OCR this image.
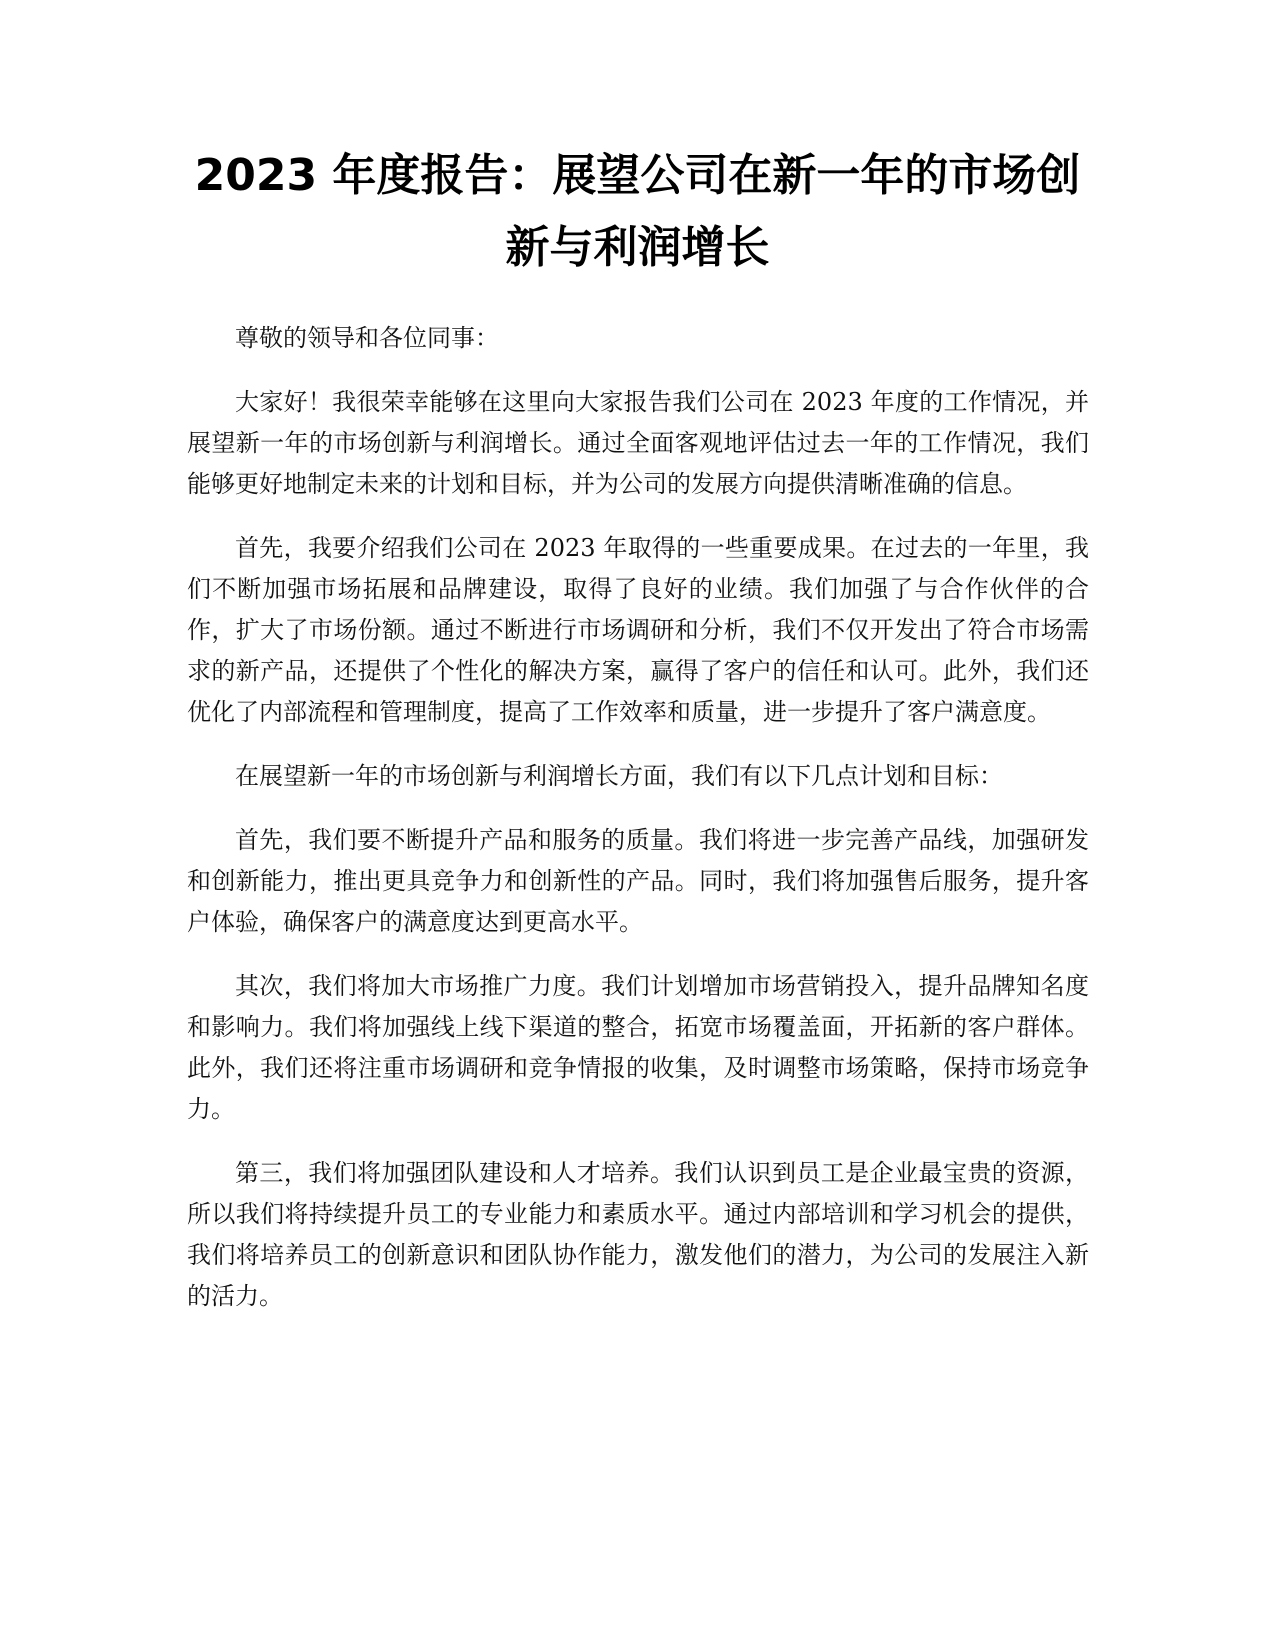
2023 年度报告：展望公司在新一年的市场创新与利润增长

尊敬的领导和各位同事：

大家好！我很荣幸能够在这里向大家报告我们公司在 2023 年度的工作情况，并展望新一年的市场创新与利润增长。通过全面客观地评估过去一年的工作情况，我们能够更好地制定未来的计划和目标，并为公司的发展方向提供清晰准确的信息。

首先，我要介绍我们公司在 2023 年取得的一些重要成果。在过去的一年里，我们不断加强市场拓展和品牌建设，取得了良好的业绩。我们加强了与合作伙伴的合作，扩大了市场份额。通过不断进行市场调研和分析，我们不仅开发出了符合市场需求的新产品，还提供了个性化的解决方案，赢得了客户的信任和认可。此外，我们还优化了内部流程和管理制度，提高了工作效率和质量，进一步提升了客户满意度。

在展望新一年的市场创新与利润增长方面，我们有以下几点计划和目标：

首先，我们要不断提升产品和服务的质量。我们将进一步完善产品线，加强研发和创新能力，推出更具竞争力和创新性的产品。同时，我们将加强售后服务，提升客户体验，确保客户的满意度达到更高水平。

其次，我们将加大市场推广力度。我们计划增加市场营销投入，提升品牌知名度和影响力。我们将加强线上线下渠道的整合，拓宽市场覆盖面，开拓新的客户群体。此外，我们还将注重市场调研和竞争情报的收集，及时调整市场策略，保持市场竞争力。

第三，我们将加强团队建设和人才培养。我们认识到员工是企业最宝贵的资源，所以我们将持续提升员工的专业能力和素质水平。通过内部培训和学习机会的提供，我们将培养员工的创新意识和团队协作能力，激发他们的潜力，为公司的发展注入新的活力。
